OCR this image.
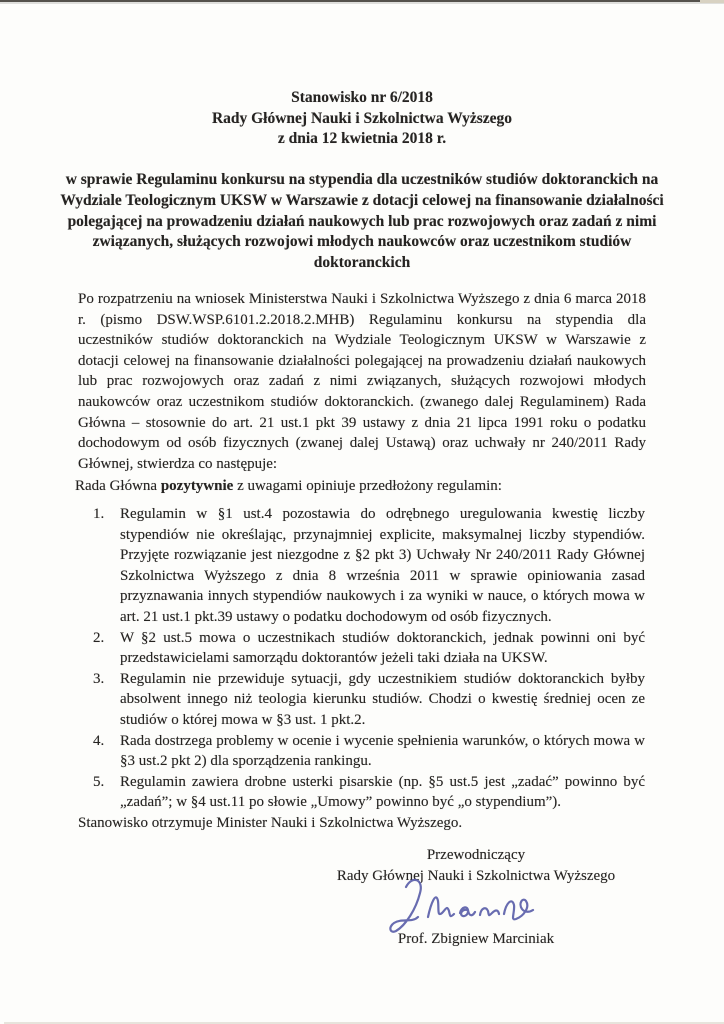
Stanowisko nr 6/2018
Rady Głównej Nauki i Szkolnictwa Wyższego
z dnia 12 kwietnia 2018 r.
w sprawie Regulaminu konkursu na stypendia dla uczestników studiów doktoranckich na Wydziale Teologicznym UKSW w Warszawie z dotacji celowej na finansowanie działalności polegającej na prowadzeniu działań naukowych lub prac rozwojowych oraz zadań z nimi związanych, służących rozwojowi młodych naukowców oraz uczestnikom studiów doktoranckich
Po rozpatrzeniu na wniosek Ministerstwa Nauki i Szkolnictwa Wyższego z dnia 6 marca 2018 r. (pismo DSW.WSP.6101.2.2018.2.MHB) Regulaminu konkursu na stypendia dla uczestników studiów doktoranckich na Wydziale Teologicznym UKSW w Warszawie z dotacji celowej na finansowanie działalności polegającej na prowadzeniu działań naukowych lub prac rozwojowych oraz zadań z nimi związanych, służących rozwojowi młodych naukowców oraz uczestnikom studiów doktoranckich. (zwanego dalej Regulaminem) Rada Główna – stosownie do art. 21 ust.1 pkt 39 ustawy z dnia 21 lipca 1991 roku o podatku dochodowym od osób fizycznych (zwanej dalej Ustawą) oraz uchwały nr 240/2011 Rady Głównej, stwierdza co następuje:
Rada Główna pozytywnie z uwagami opiniuje przedłożony regulamin:
Regulamin w §1 ust.4 pozostawia do odrębnego uregulowania kwestię liczby stypendiów nie określając, przynajmniej explicite, maksymalnej liczby stypendiów. Przyjęte rozwiązanie jest niezgodne z §2 pkt 3) Uchwały Nr 240/2011 Rady Głównej Szkolnictwa Wyższego z dnia 8 września 2011 w sprawie opiniowania zasad przyznawania innych stypendiów naukowych i za wyniki w nauce, o których mowa w art. 21 ust.1 pkt.39 ustawy o podatku dochodowym od osób fizycznych.
W §2 ust.5 mowa o uczestnikach studiów doktoranckich, jednak powinni oni być przedstawicielami samorządu doktorantów jeżeli taki działa na UKSW.
Regulamin nie przewiduje sytuacji, gdy uczestnikiem studiów doktoranckich byłby absolwent innego niż teologia kierunku studiów. Chodzi o kwestię średniej ocen ze studiów o której mowa w §3 ust. 1 pkt.2.
Rada dostrzega problemy w ocenie i wycenie spełnienia warunków, o których mowa w §3 ust.2 pkt 2) dla sporządzenia rankingu.
Regulamin zawiera drobne usterki pisarskie (np. §5 ust.5 jest „zadać” powinno być „zadań”; w §4 ust.11 po słowie „Umowy” powinno być „o stypendium”).
Stanowisko otrzymuje Minister Nauki i Szkolnictwa Wyższego.
Przewodniczący
Rady Głównej Nauki i Szkolnictwa Wyższego
Prof. Zbigniew Marciniak
